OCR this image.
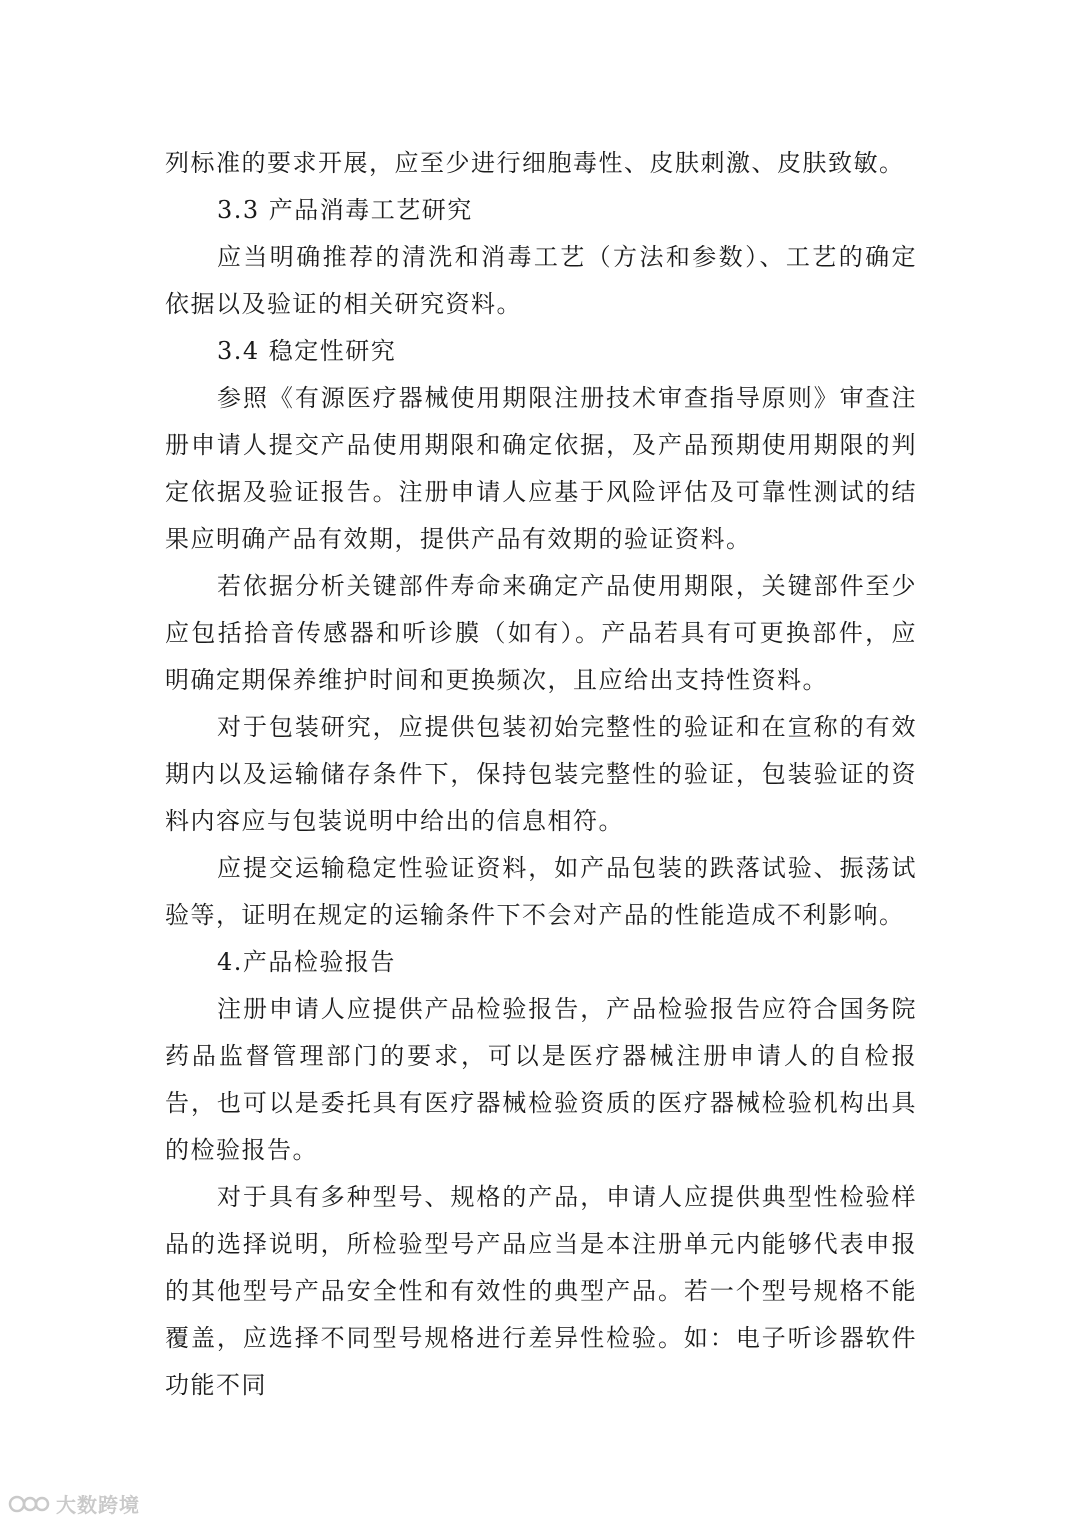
列标准的要求开展，应至少进行细胞毒性、皮肤刺激、皮肤致敏。

3.3 产品消毒工艺研究

应当明确推荐的清洗和消毒工艺（方法和参数）、工艺的确定依据以及验证的相关研究资料。

3.4 稳定性研究

参照《有源医疗器械使用期限注册技术审查指导原则》审查注册申请人提交产品使用期限和确定依据，及产品预期使用期限的判定依据及验证报告。注册申请人应基于风险评估及可靠性测试的结果应明确产品有效期，提供产品有效期的验证资料。

若依据分析关键部件寿命来确定产品使用期限，关键部件至少应包括拾音传感器和听诊膜（如有）。产品若具有可更换部件，应明确定期保养维护时间和更换频次，且应给出支持性资料。

对于包装研究，应提供包装初始完整性的验证和在宣称的有效期内以及运输储存条件下，保持包装完整性的验证，包装验证的资料内容应与包装说明中给出的信息相符。

应提交运输稳定性验证资料，如产品包装的跌落试验、振荡试验等，证明在规定的运输条件下不会对产品的性能造成不利影响。

4.产品检验报告

注册申请人应提供产品检验报告，产品检验报告应符合国务院药品监督管理部门的要求，可以是医疗器械注册申请人的自检报告，也可以是委托具有医疗器械检验资质的医疗器械检验机构出具的检验报告。

对于具有多种型号、规格的产品，申请人应提供典型性检验样品的选择说明，所检验型号产品应当是本注册单元内能够代表申报的其他型号产品安全性和有效性的典型产品。若一个型号规格不能覆盖，应选择不同型号规格进行差异性检验。如：电子听诊器软件功能不同

大数跨境
